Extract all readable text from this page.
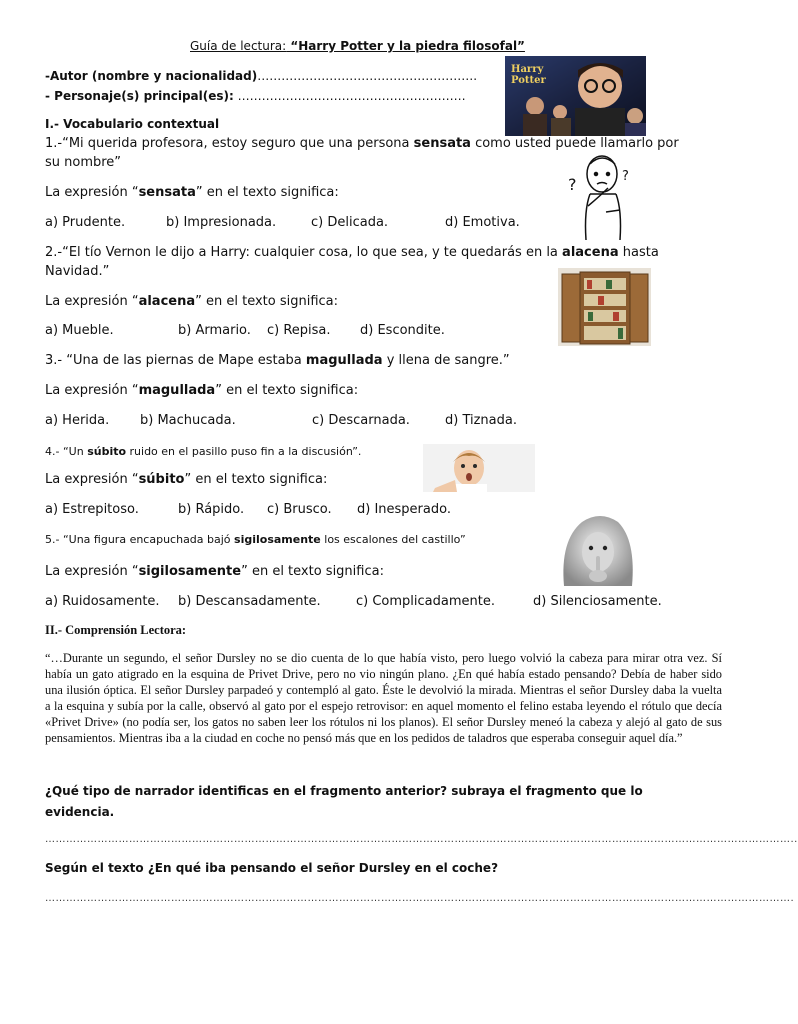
Guía de lectura: “Harry Potter y la piedra filosofal”
-Autor (nombre y nacionalidad)……………………………………………….
- Personaje(s) principal(es): …………………………………………………
Harry
Potter
I.- Vocabulario contextual
1.-“Mi querida profesora, estoy seguro que una persona sensata como usted puede llamarlo por
su nombre”
La expresión “sensata” en el texto significa:
a) Prudente.	b) Impresionada.	c) Delicada.	d) Emotiva.
?	?
2.-“El tío Vernon le dijo a Harry: cualquier cosa, lo que sea, y te quedarás en la alacena hasta
Navidad.”
La expresión “alacena” en el texto significa:
a) Mueble.	b) Armario. c) Repisa. d) Escondite.
3.- “Una de las piernas de Mape estaba magullada y llena de sangre.”
La expresión “magullada” en el texto significa:
a) Herida. b) Machucada.	c) Descarnada.	d) Tiznada.
4.- “Un súbito ruido en el pasillo puso fin a la discusión”.
La expresión “súbito” en el texto significa:
a) Estrepitoso.	b) Rápido. c) Brusco. d) Inesperado.
5.- “Una figura encapuchada bajó sigilosamente los escalones del castillo”
La expresión “sigilosamente” en el texto significa:
a) Ruidosamente. b) Descansadamente.	c) Complicadamente.	d) Silenciosamente.
II.- Comprensión Lectora:
“…Durante un segundo, el señor Dursley no se dio cuenta de lo que había visto, pero luego volvió la cabeza para mirar otra vez. Sí había un gato atigrado en la esquina de Privet Drive, pero no vio ningún plano. ¿En qué había estado pensando? Debía de haber sido una ilusión óptica. El señor Dursley parpadeó y contempló al gato. Éste le devolvió la mirada. Mientras el señor Dursley daba la vuelta a la esquina y subía por la calle, observó al gato por el espejo retrovisor: en aquel momento el felino estaba leyendo el rótulo que decía «Privet Drive» (no podía ser, los gatos no saben leer los rótulos ni los planos). El señor Dursley meneó la cabeza y alejó al gato de sus pensamientos. Mientras iba a la ciudad en coche no pensó más que en los pedidos de taladros que esperaba conseguir aquel día.”
¿Qué tipo de narrador identificas en el fragmento anterior? subraya el fragmento que lo evidencia.
……………………………………………………………………………………………………………………………………………………………………………………………..
Según el texto ¿En qué iba pensando el señor Dursley en el coche?
…………………………………………………………………………………………………………………………………………………………………………………………….
